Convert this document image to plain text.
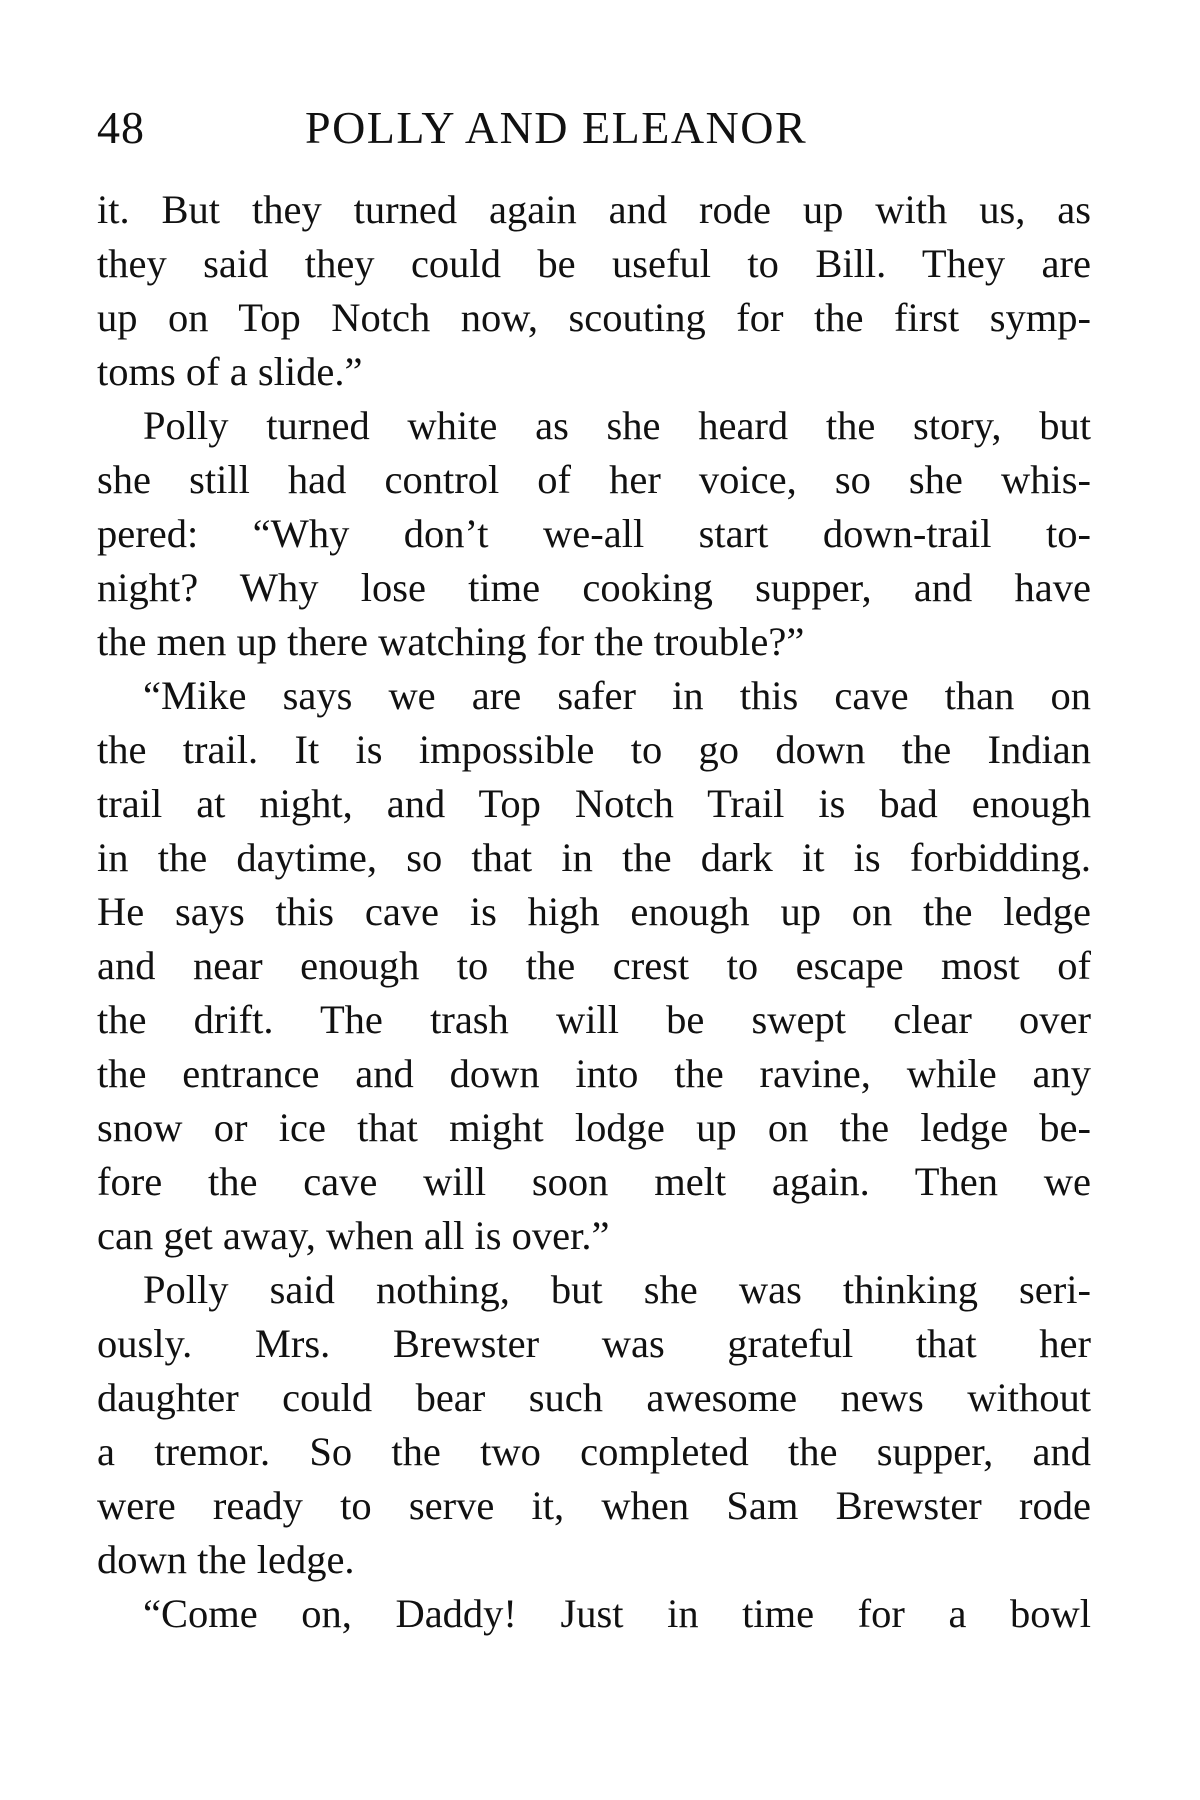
48	POLLY AND ELEANOR
it. But they turned again and rode up with us, as
they said they could be useful to Bill. They are
up on Top Notch now, scouting for the first symp-
toms of a slide.”
Polly turned white as she heard the story, but
she still had control of her voice, so she whis-
pered: “Why don’t we-all start down-trail to-
night? Why lose time cooking supper, and have
the men up there watching for the trouble?”
“Mike says we are safer in this cave than on
the trail. It is impossible to go down the Indian
trail at night, and Top Notch Trail is bad enough
in the daytime, so that in the dark it is forbidding.
He says this cave is high enough up on the ledge
and near enough to the crest to escape most of
the drift. The trash will be swept clear over
the entrance and down into the ravine, while any
snow or ice that might lodge up on the ledge be-
fore the cave will soon melt again. Then we
can get away, when all is over.”
Polly said nothing, but she was thinking seri-
ously. Mrs. Brewster was grateful that her
daughter could bear such awesome news without
a tremor. So the two completed the supper, and
were ready to serve it, when Sam Brewster rode
down the ledge.
“Come on, Daddy! Just in time for a bowl
